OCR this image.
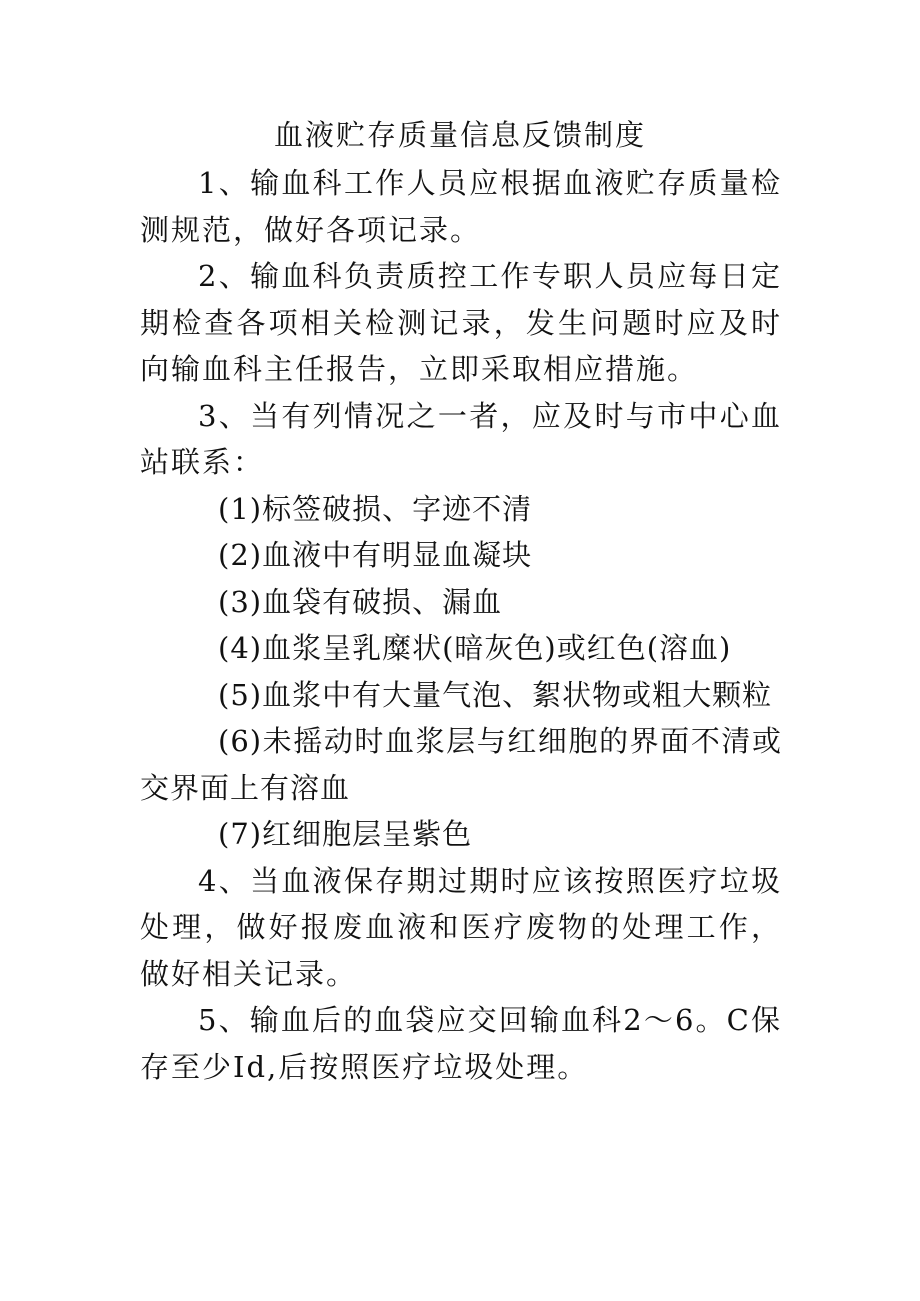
血液贮存质量信息反馈制度

1、输血科工作人员应根据血液贮存质量检测规范，做好各项记录。

2、输血科负责质控工作专职人员应每日定期检查各项相关检测记录，发生问题时应及时向输血科主任报告，立即采取相应措施。

3、当有列情况之一者，应及时与市中心血站联系：

(1)标签破损、字迹不清

(2)血液中有明显血凝块

(3)血袋有破损、漏血

(4)血浆呈乳糜状(暗灰色)或红色(溶血)

(5)血浆中有大量气泡、絮状物或粗大颗粒

(6)未摇动时血浆层与红细胞的界面不清或交界面上有溶血

(7)红细胞层呈紫色

4、当血液保存期过期时应该按照医疗垃圾处理，做好报废血液和医疗废物的处理工作，做好相关记录。

5、输血后的血袋应交回输血科2～6。C保存至少Id,后按照医疗垃圾处理。
